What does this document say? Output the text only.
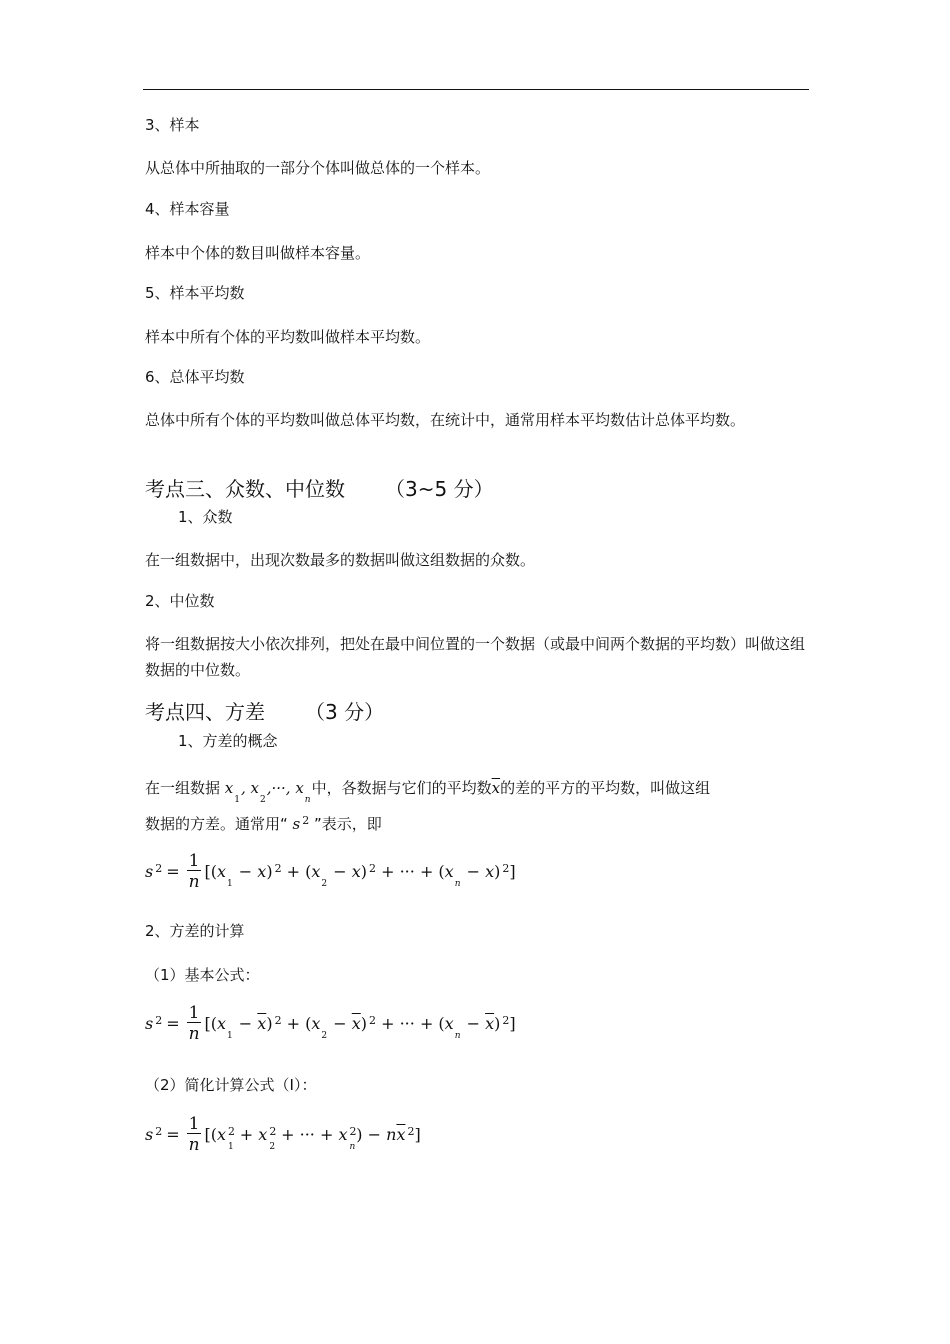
3、样本
从总体中所抽取的一部分个体叫做总体的一个样本。
4、样本容量
样本中个体的数目叫做样本容量。
5、样本平均数
样本中所有个体的平均数叫做样本平均数。
6、总体平均数
总体中所有个体的平均数叫做总体平均数，在统计中，通常用样本平均数估计总体平均数。
考点三、众数、中位数 （3~5 分）
1、众数
在一组数据中，出现次数最多的数据叫做这组数据的众数。
2、中位数
将一组数据按大小依次排列，把处在最中间位置的一个数据（或最中间两个数据的平均数）叫做这组数据的中位数。
考点四、方差 （3 分）
1、方差的概念
在一组数据 $x_1$, $x_2,\cdot\cdot\cdot$, $x_n$中，各数据与它们的平均数$\overline{x}$的差的平方的平均数，叫做这组
数据的方差。通常用“ s $^2$ ”表示，即
s $^2 = \frac{1}{n} [(x_1 - x) ^2 + (x_2 - x) ^2$ + ··· + $(x_n - x)$ $^2$]
2、方差的计算
（1）基本公式：
s $^2 = \frac{1}{n} [(x_1 - \overline{x}) ^2 + (x_2 - \overline{x}) ^2$ + ··· + $(x_n - \overline{x})$ $^2$]
（2）简化计算公式（Ⅰ）：
s $^2 = \frac{1}{n} [(x$ $^2_1$ + x $^2_2$ + ··· + x $^2_n) - n\overline{x}$ $^2$]
